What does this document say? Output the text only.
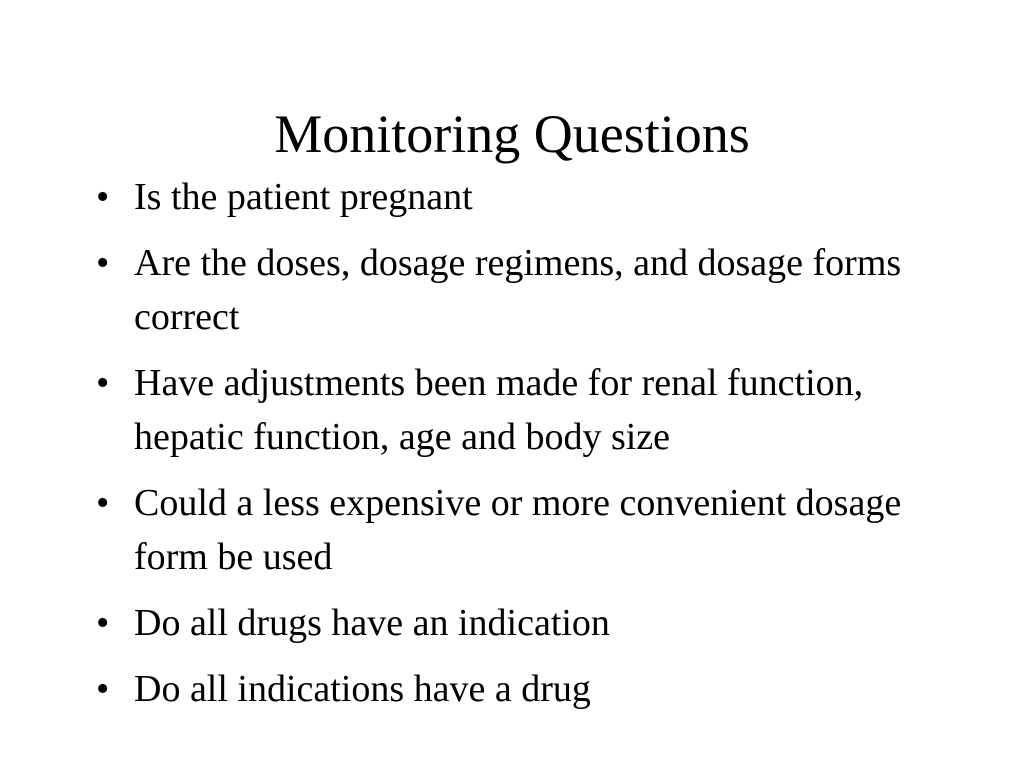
Monitoring Questions
• Is the patient pregnant
• Are the doses, dosage regimens, and dosage forms correct
• Have adjustments been made for renal function, hepatic function, age and body size
• Could a less expensive or more convenient dosage form be used
• Do all drugs have an indication
• Do all indications have a drug
